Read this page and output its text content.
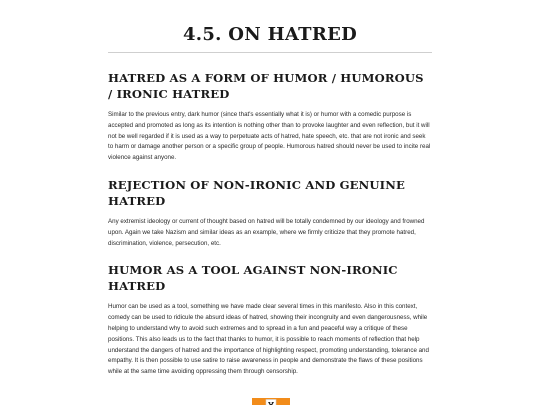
4.5. ON HATRED
HATRED AS A FORM OF HUMOR / HUMOROUS / IRONIC HATRED

Similar to the previous entry, dark humor (since that's essentially what it is) or humor with a comedic purpose is accepted and promoted as long as its intention is nothing other than to provoke laughter and even reflection, but it will not be well regarded if it is used as a way to perpetuate acts of hatred, hate speech, etc. that are not ironic and seek to harm or damage another person or a specific group of people. Humorous hatred should never be used to incite real violence against anyone.

REJECTION OF NON-IRONIC AND GENUINE HATRED

Any extremist ideology or current of thought based on hatred will be totally condemned by our ideology and frowned upon. Again we take Nazism and similar ideas as an example, where we firmly criticize that they promote hatred, discrimination, violence, persecution, etc.

HUMOR AS A TOOL AGAINST NON-IRONIC HATRED

Humor can be used as a tool, something we have made clear several times in this manifesto. Also in this context, comedy can be used to ridicule the absurd ideas of hatred, showing their incongruity and even dangerousness, while helping to understand why to avoid such extremes and to spread in a fun and peaceful way a critique of these positions. This also leads us to the fact that thanks to humor, it is possible to reach moments of reflection that help understand the dangers of hatred and the importance of highlighting respect, promoting understanding, tolerance and empathy. It is then possible to use satire to raise awareness in people and demonstrate the flaws of these positions while at the same time avoiding oppressing them through censorship.
